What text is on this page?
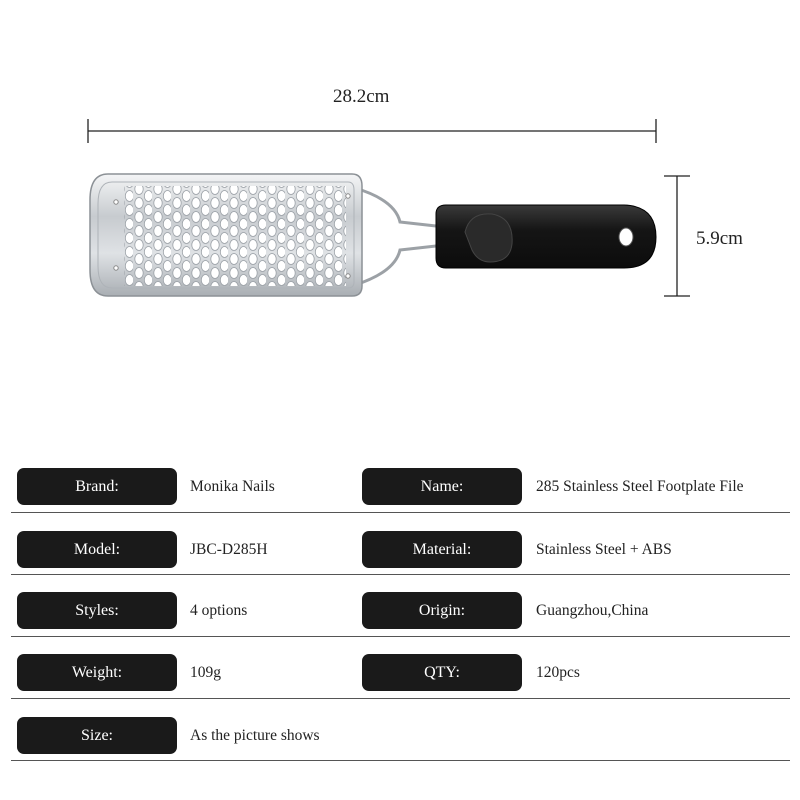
28.2cm
5.9cm
Brand:	Monika Nails	Name:	285 Stainless Steel Footplate File
Model:	JBC-D285H	Material:	Stainless Steel + ABS
Styles:	4 options	Origin:	Guangzhou,China
Weight:	109g	QTY:	120pcs
Size:	As the picture shows
